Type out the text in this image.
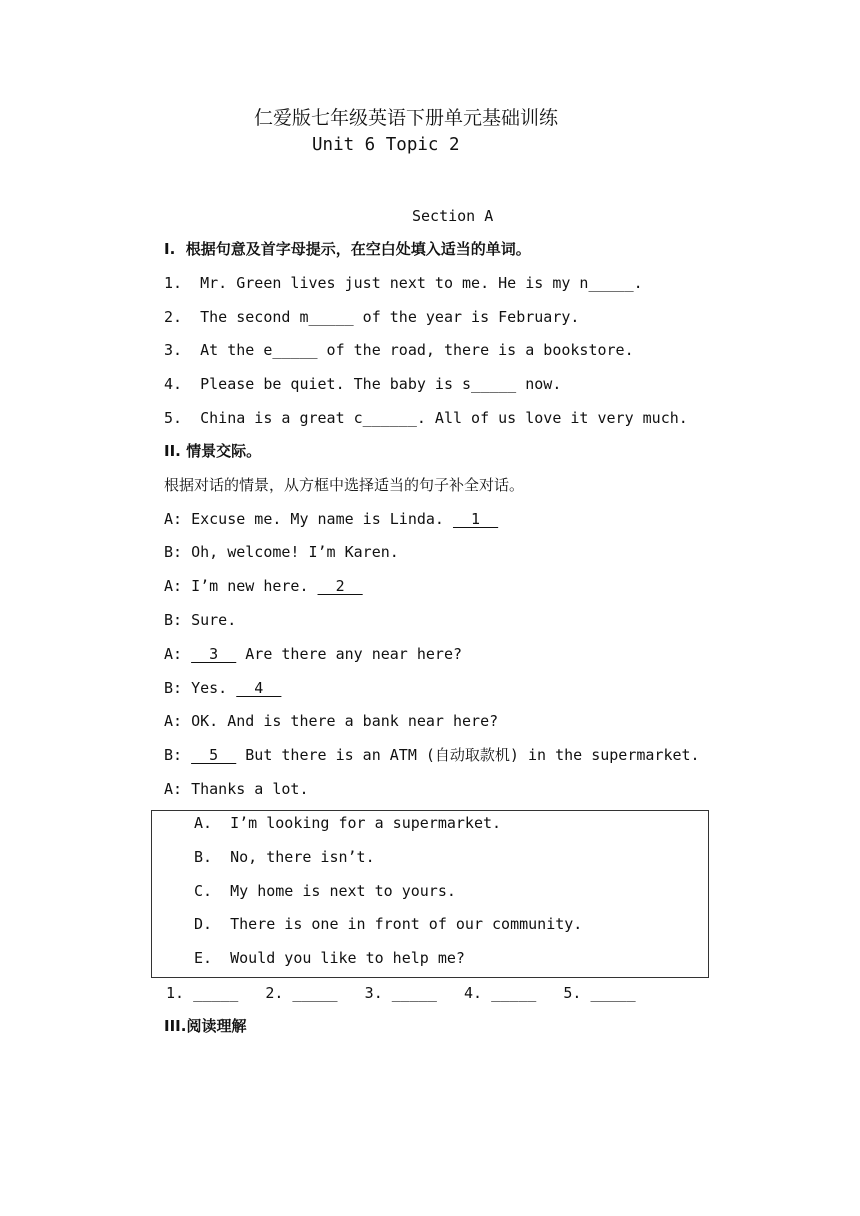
仁爱版七年级英语下册单元基础训练
Unit 6 Topic 2
Section A
I.  根据句意及首字母提示，在空白处填入适当的单词。
1.  Mr. Green lives just next to me. He is my n_____.
2.  The second m_____ of the year is February.
3.  At the e_____ of the road, there is a bookstore.
4.  Please be quiet. The baby is s_____ now.
5.  China is a great c______. All of us love it very much.
II. 情景交际。
根据对话的情景，从方框中选择适当的句子补全对话。
A: Excuse me. My name is Linda.   1
B: Oh, welcome! I’m Karen.
A: I’m new here.   2
B: Sure.
A:   3   Are there any near here?
B: Yes.   4
A: OK. And is there a bank near here?
B:   5   But there is an ATM (自动取款机) in the supermarket.
A: Thanks a lot.
A.  I’m looking for a supermarket.
B.  No, there isn’t.
C.  My home is next to yours.
D.  There is one in front of our community.
E.  Would you like to help me?
1. _____   2. _____   3. _____   4. _____   5. _____
III.阅读理解
